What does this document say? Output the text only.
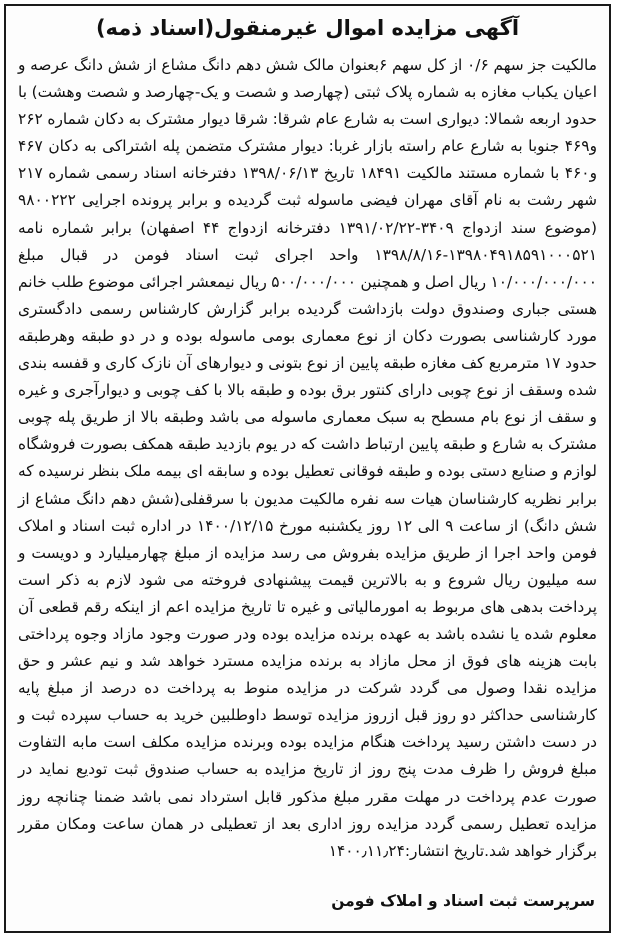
آگهی مزایده اموال غیرمنقول(اسناد ذمه)

مالکیت جز سهم ۰/۶ از کل سهم ۶بعنوان مالک شش دهم دانگ مشاع از شش دانگ عرصه و اعیان یکباب مغازه به شماره پلاک ثبتی (چهارصد و شصت و یک-چهارصد و شصت وهشت) با حدود اربعه شمالا: دیواری است به شارع عام شرقا: شرقا دیوار مشترک به دکان شماره ۲۶۲ و۴۶۹ جنوبا به شارع عام راسته بازار غربا: دیوار مشترک متضمن پله اشتراکی به دکان ۴۶۷ و۴۶۰ با شماره مستند مالکیت ۱۸۴۹۱ تاریخ ۱۳۹۸/۰۶/۱۳ دفترخانه اسناد رسمی شماره ۲۱۷ شهر رشت به نام آقای مهران فیضی ماسوله ثبت گردیده و برابر پرونده اجرایی ۹۸۰۰۲۲۲ (موضوع سند ازدواج ۳۴۰۹-۱۳۹۱/۰۲/۲۲ دفترخانه ازدواج ۴۴ اصفهان) برابر شماره نامه ۱۳۹۸۰۴۹۱۸۵۹۱۰۰۰۵۲۱-۱۳۹۸/۸/۱۶ واحد اجرای ثبت اسناد فومن در قبال مبلغ ۱۰/۰۰۰/۰۰۰/۰۰۰ ریال اصل و همچنین ۵۰۰/۰۰۰/۰۰۰ ریال نیمعشر اجرائی موضوع طلب خانم هستی جباری وصندوق دولت بازداشت گردیده برابر گزارش کارشناس رسمی دادگستری مورد کارشناسی بصورت دکان از نوع معماری بومی ماسوله بوده و در دو طبقه وهرطبقه حدود ۱۷ مترمربع کف مغازه طبقه پایین از نوع بتونی و دیوارهای آن نازک کاری و قفسه بندی شده وسقف از نوع چوبی دارای کنتور برق بوده و طبقه بالا با کف چوبی و دیوارآجری و غیره و سقف از نوع بام مسطح به سبک معماری ماسوله می باشد وطبقه بالا از طریق پله چوبی مشترک به شارع و طبقه پایین ارتباط داشت که در یوم بازدید طبقه همکف بصورت فروشگاه لوازم و صنایع دستی بوده و طبقه فوقانی تعطیل بوده و سابقه ای بیمه ملک بنظر نرسیده که برابر نظریه کارشناسان هیات سه نفره مالکیت مدیون با سرقفلی(شش دهم دانگ مشاع از شش دانگ) از ساعت ۹ الی ۱۲ روز یکشنبه مورخ ۱۴۰۰/۱۲/۱۵ در اداره ثبت اسناد و املاک فومن واحد اجرا از طریق مزایده بفروش می رسد مزایده از مبلغ چهارمیلیارد و دویست و سه میلیون ریال شروع و به بالاترین قیمت پیشنهادی فروخته می شود لازم به ذکر است پرداخت بدهی های مربوط به امورمالیاتی و غیره تا تاریخ مزایده اعم از اینکه رقم قطعی آن معلوم شده یا نشده باشد به عهده برنده مزایده بوده ودر صورت وجود مازاد وجوه پرداختی بابت هزینه های فوق از محل مازاد به برنده مزایده مسترد خواهد شد و نیم عشر و حق مزایده نقدا وصول می گردد شرکت در مزایده منوط به پرداخت ده درصد از مبلغ پایه کارشناسی حداکثر دو روز قبل ازروز مزایده توسط داوطلبین خرید به حساب سپرده ثبت و در دست داشتن رسید پرداخت هنگام مزایده بوده وبرنده مزایده مکلف است مابه التفاوت مبلغ فروش را ظرف مدت پنج روز از تاریخ مزایده به حساب صندوق ثبت تودیع نماید در صورت عدم پرداخت در مهلت مقرر مبلغ مذکور قابل استرداد نمی باشد ضمنا چنانچه روز مزایده تعطیل رسمی گردد مزایده روز اداری بعد از تعطیلی در همان ساعت ومکان مقرر برگزار خواهد شد.تاریخ انتشار:۱۴۰۰٫۱۱٫۲۴

سرپرست ثبت اسناد و املاک فومن
